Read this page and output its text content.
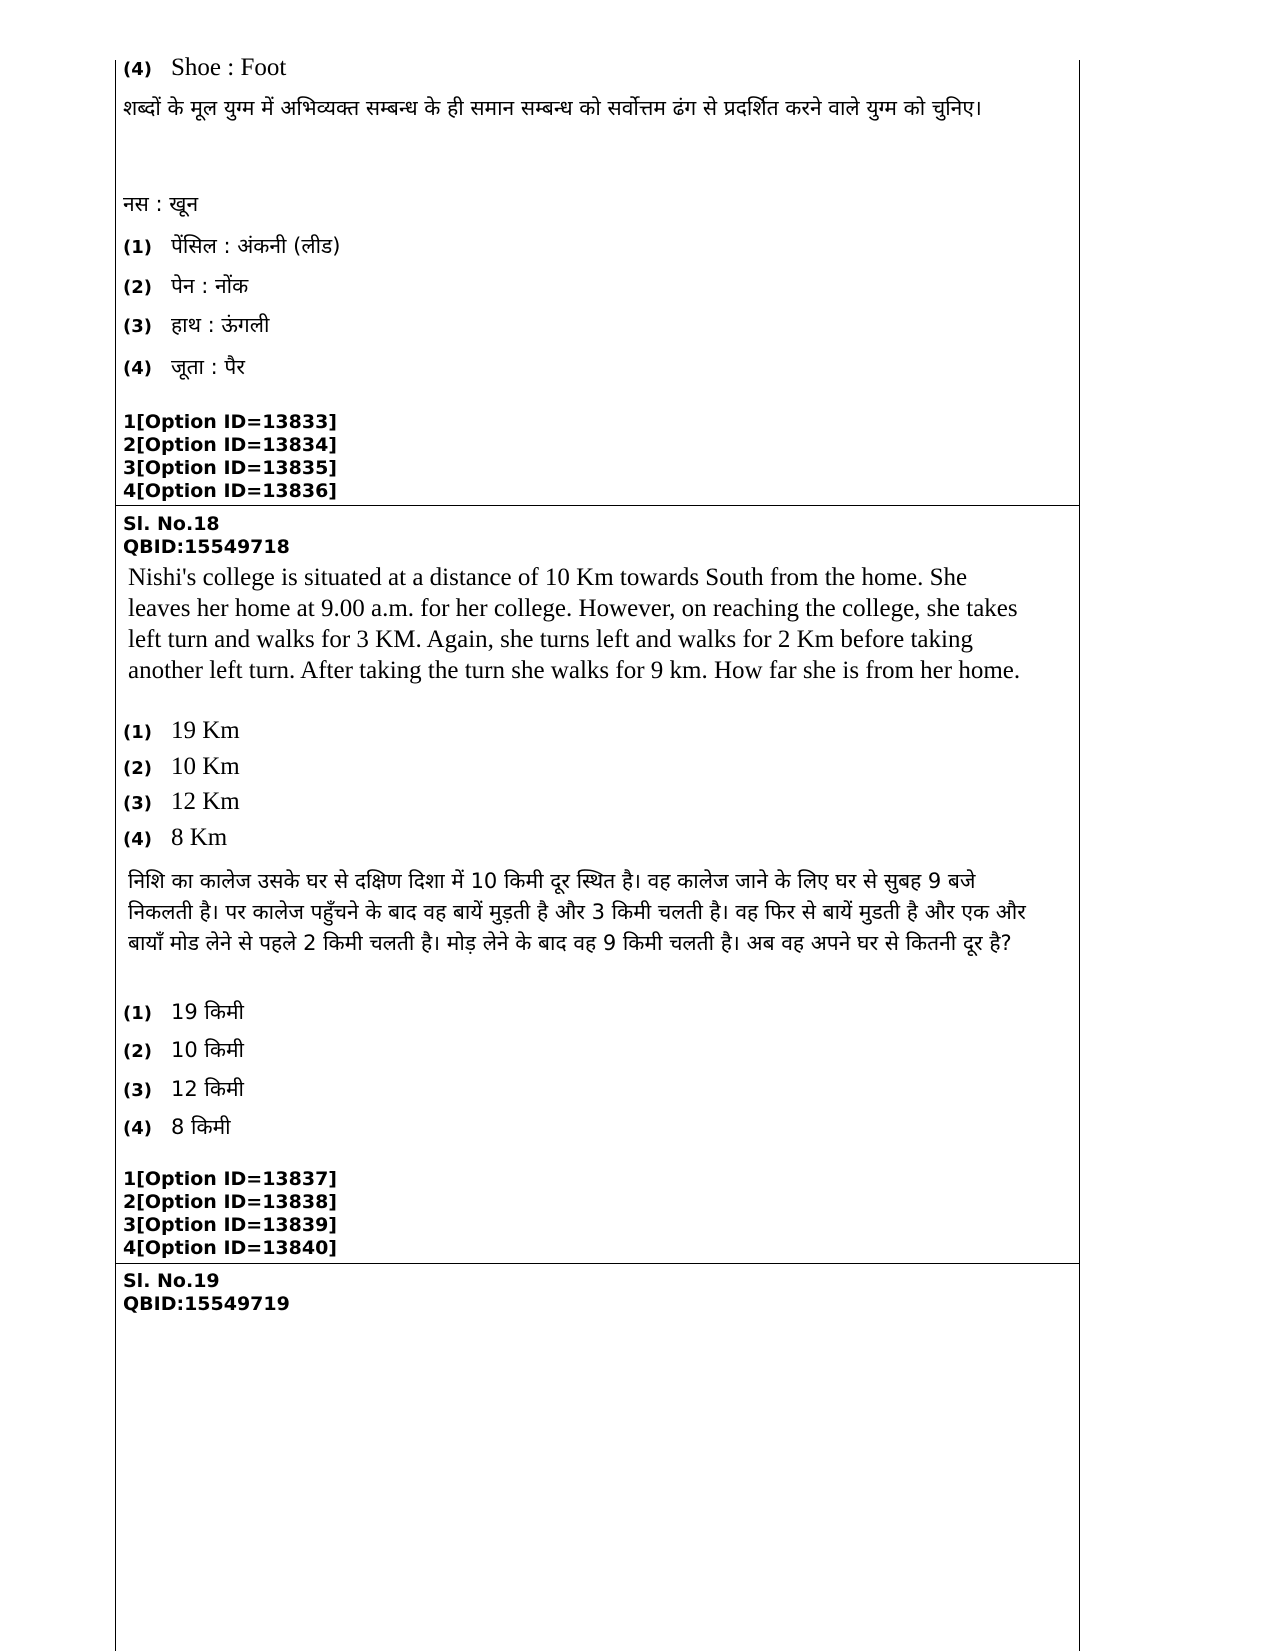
(4) Shoe : Foot
शब्दों के मूल युग्म में अभिव्यक्त सम्बन्ध के ही समान सम्बन्ध को सर्वोत्तम ढंग से प्रदर्शित करने वाले युग्म को चुनिए।
नस : खून
(1) पेंसिल : अंकनी (लीड)
(2) पेन : नोंक
(3) हाथ : ऊंगली
(4) जूता : पैर
1[Option ID=13833]
2[Option ID=13834]
3[Option ID=13835]
4[Option ID=13836]
Sl. No.18
QBID:15549718
Nishi's college is situated at a distance of 10 Km towards South from the home. She leaves her home at 9.00 a.m. for her college. However, on reaching the college, she takes left turn and walks for 3 KM. Again, she turns left and walks for 2 Km before taking another left turn. After taking the turn she walks for 9 km. How far she is from her home.
(1) 19 Km
(2) 10 Km
(3) 12 Km
(4) 8 Km
निशि का कालेज उसके घर से दक्षिण दिशा में 10 किमी दूर स्थित है। वह कालेज जाने के लिए घर से सुबह 9 बजे निकलती है। पर कालेज पहुँचने के बाद वह बायें मुड़ती है और 3 किमी चलती है। वह फिर से बायें मुडती है और एक और बायाँ मोड लेने से पहले 2 किमी चलती है। मोड़ लेने के बाद वह 9 किमी चलती है। अब वह अपने घर से कितनी दूर है?
(1) 19 किमी
(2) 10 किमी
(3) 12 किमी
(4) 8 किमी
1[Option ID=13837]
2[Option ID=13838]
3[Option ID=13839]
4[Option ID=13840]
Sl. No.19
QBID:15549719
